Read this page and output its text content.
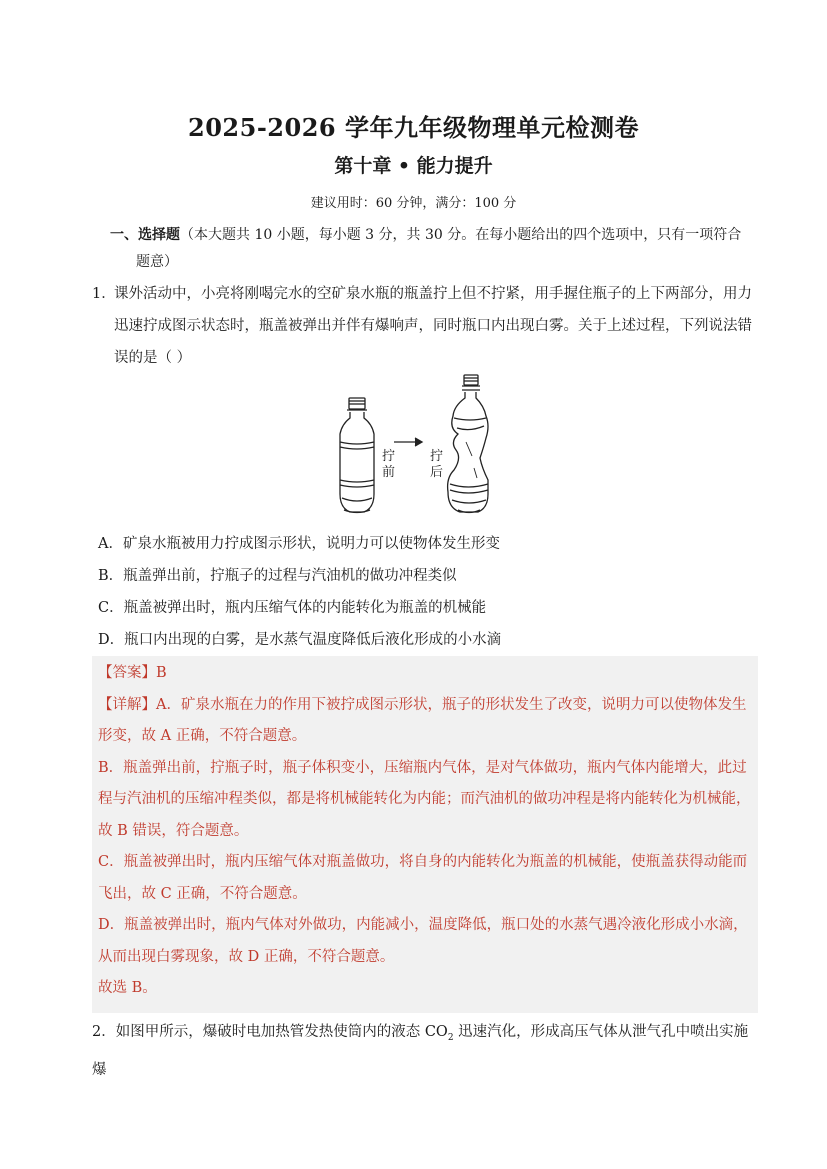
2025-2026 学年九年级物理单元检测卷
第十章 • 能力提升
建议用时：60 分钟，满分：100 分
一、选择题（本大题共 10 小题，每小题 3 分，共 30 分。在每小题给出的四个选项中，只有一项符合
题意）
1．
课外活动中，小亮将刚喝完水的空矿泉水瓶的瓶盖拧上但不拧紧，用手握住瓶子的上下两部分，用力
迅速拧成图示状态时，瓶盖被弹出并伴有爆响声，同时瓶口内出现白雾。关于上述过程，下列说法错
误的是（ ）
拧
前
拧
后
A．矿泉水瓶被用力拧成图示形状，说明力可以使物体发生形变
B．瓶盖弹出前，拧瓶子的过程与汽油机的做功冲程类似
C．瓶盖被弹出时，瓶内压缩气体的内能转化为瓶盖的机械能
D．瓶口内出现的白雾，是水蒸气温度降低后液化形成的小水滴
【答案】B
【详解】A．矿泉水瓶在力的作用下被拧成图示形状，瓶子的形状发生了改变，说明力可以使物体发生
形变，故 A 正确，不符合题意。
B．瓶盖弹出前，拧瓶子时，瓶子体积变小，压缩瓶内气体，是对气体做功，瓶内气体内能增大，此过
程与汽油机的压缩冲程类似，都是将机械能转化为内能；而汽油机的做功冲程是将内能转化为机械能，
故 B 错误，符合题意。
C．瓶盖被弹出时，瓶内压缩气体对瓶盖做功，将自身的内能转化为瓶盖的机械能，使瓶盖获得动能而
飞出，故 C 正确，不符合题意。
D．瓶盖被弹出时，瓶内气体对外做功，内能减小，温度降低，瓶口处的水蒸气遇冷液化形成小水滴，
从而出现白雾现象，故 D 正确，不符合题意。
故选 B。
2．如图甲所示，爆破时电加热管发热使筒内的液态 $CO_2$ 迅速汽化，形成高压气体从泄气孔中喷出实施爆
